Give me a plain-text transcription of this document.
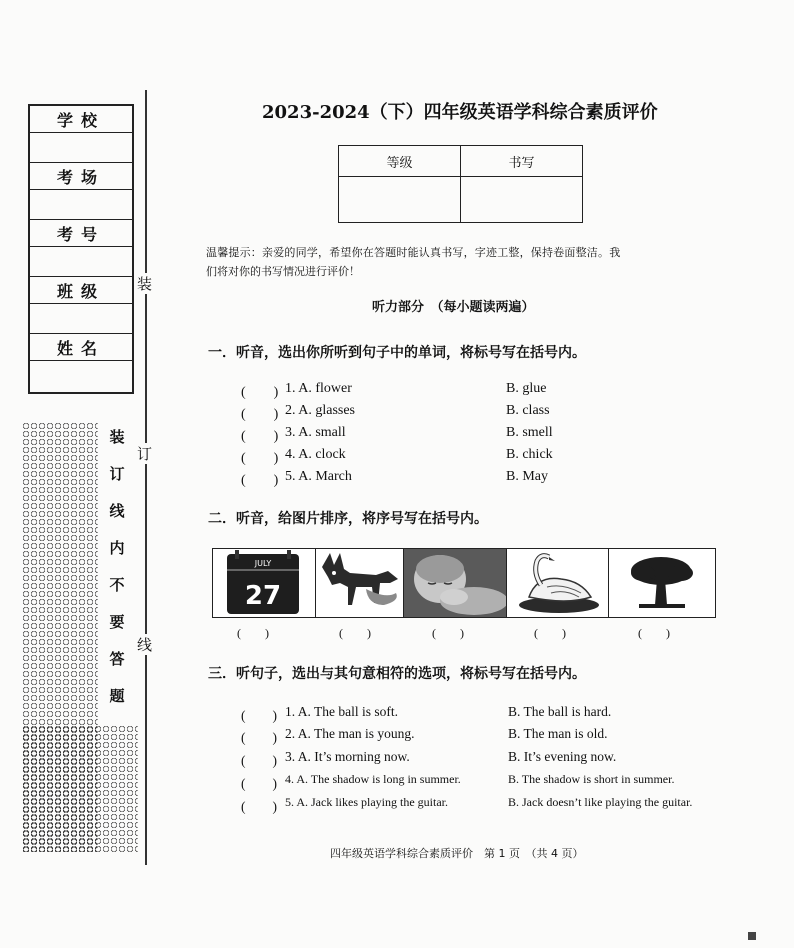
学校

考场

考号

班级

姓名

装
订
线
内
不
要
答
题
装
订
线
2023-2024（下）四年级英语学科综合素质评价
等级	书写

温馨提示：亲爱的同学，希望你在答题时能认真书写，字迹工整，保持卷面整洁。我
们将对你的书写情况进行评价！
听力部分　（每小题读两遍）
一．听音，选出你所听到句子中的单词，将标号写在括号内。
(　　) 1. A. flower	B. glue
(　　) 2. A. glasses	B. class
(　　) 3. A. small	B. smell
(　　) 4. A. clock	B. chick
(　　) 5. A. March	B. May
二．听音，给图片排序，将序号写在括号内。
JULY
27
(　　)	(　　)	(　　)	(　　)	(　　)
三．听句子，选出与其句意相符的选项，将标号写在括号内。
(　　) 1. A. The ball is soft.	B. The ball is hard.
(　　) 2. A. The man is young.	B. The man is old.
(　　) 3. A. It’s morning now.	B. It’s evening now.
(　　) 4. A. The shadow is long in summer.	B. The shadow is short in summer.
(　　) 5. A. Jack likes playing the guitar.	B. Jack doesn’t like playing the guitar.
四年级英语学科综合素质评价　第 1 页　（共 4 页）
